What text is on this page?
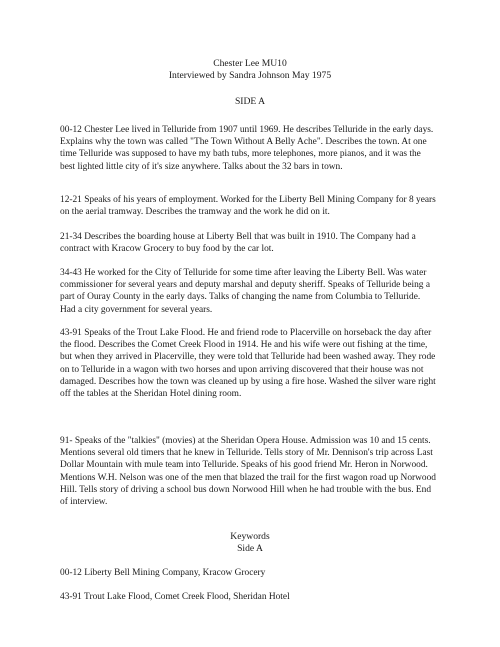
Chester Lee MU10
Interviewed by Sandra Johnson May 1975
SIDE A

00-12 Chester Lee lived in Telluride from 1907 until 1969. He describes Telluride in the early days. Explains why the town was called "The Town Without A Belly Ache". Describes the town. At one time Telluride was supposed to have my bath tubs, more telephones, more pianos, and it was the best lighted little city of it's size anywhere. Talks about the 32 bars in town.

12-21 Speaks of his years of employment. Worked for the Liberty Bell Mining Company for 8 years on the aerial tramway. Describes the tramway and the work he did on it.

21-34 Describes the boarding house at Liberty Bell that was built in 1910. The Company had a contract with Kracow Grocery to buy food by the car lot.

34-43 He worked for the City of Telluride for some time after leaving the Liberty Bell. Was water commissioner for several years and deputy marshal and deputy sheriff. Speaks of Telluride being a part of Ouray County in the early days. Talks of changing the name from Columbia to Telluride. Had a city government for several years.

43-91 Speaks of the Trout Lake Flood. He and friend rode to Placerville on horseback the day after the flood. Describes the Comet Creek Flood in 1914. He and his wife were out fishing at the time, but when they arrived in Placerville, they were told that Telluride had been washed away. They rode on to Telluride in a wagon with two horses and upon arriving discovered that their house was not damaged. Describes how the town was cleaned up by using a fire hose. Washed the silver ware right off the tables at the Sheridan Hotel dining room.

91- Speaks of the "talkies" (movies) at the Sheridan Opera House. Admission was 10 and 15 cents. Mentions several old timers that he knew in Telluride. Tells story of Mr. Dennison's trip across Last Dollar Mountain with mule team into Telluride. Speaks of his good friend Mr. Heron in Norwood. Mentions W.H. Nelson was one of the men that blazed the trail for the first wagon road up Norwood Hill. Tells story of driving a school bus down Norwood Hill when he had trouble with the bus. End of interview.

Keywords
Side A

00-12 Liberty Bell Mining Company, Kracow Grocery

43-91 Trout Lake Flood, Comet Creek Flood, Sheridan Hotel
